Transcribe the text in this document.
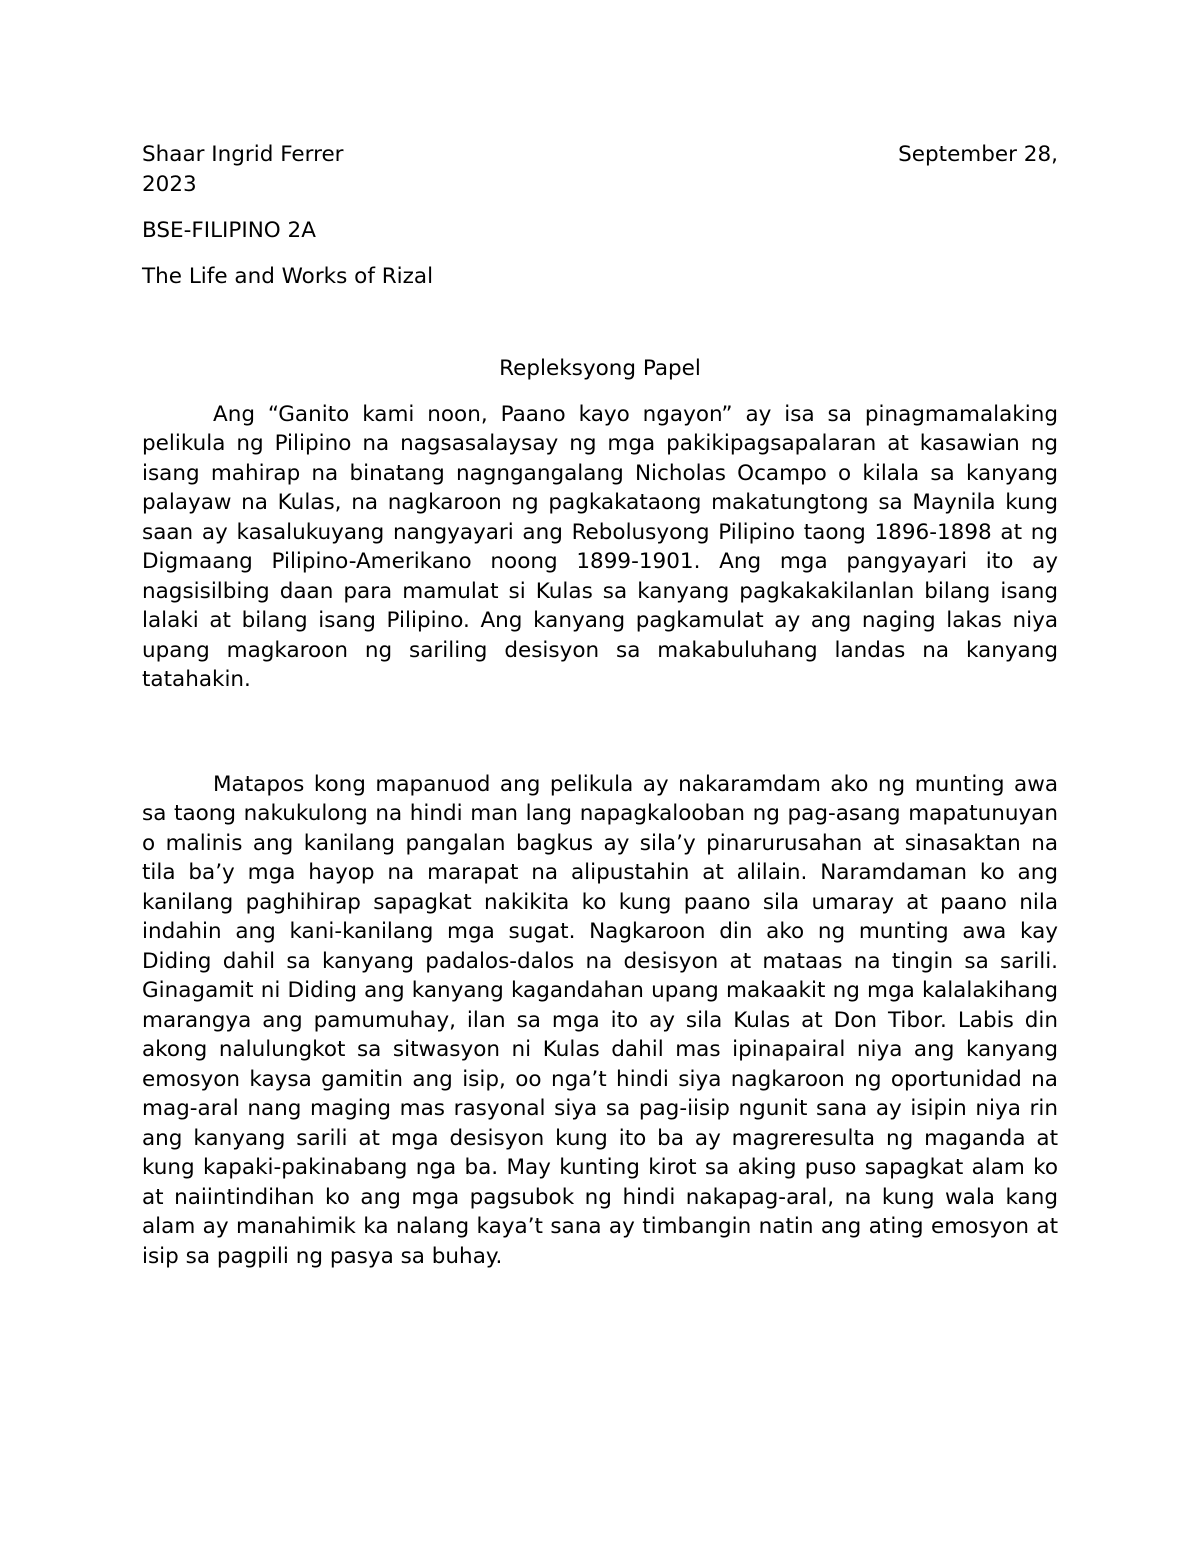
Shaar Ingrid Ferrer	September 28,

2023

BSE-FILIPINO 2A

The Life and Works of Rizal

Repleksyong Papel

Ang “Ganito kami noon, Paano kayo ngayon” ay isa sa pinagmamalaking pelikula ng Pilipino na nagsasalaysay ng mga pakikipagsapalaran at kasawian ng isang mahirap na binatang nagngangalang Nicholas Ocampo o kilala sa kanyang palayaw na Kulas, na nagkaroon ng pagkakataong makatungtong sa Maynila kung saan ay kasalukuyang nangyayari ang Rebolusyong Pilipino taong 1896-1898 at ng Digmaang Pilipino-Amerikano noong 1899-1901. Ang mga pangyayari ito ay nagsisilbing daan para mamulat si Kulas sa kanyang pagkakakilanlan bilang isang lalaki at bilang isang Pilipino. Ang kanyang pagkamulat ay ang naging lakas niya upang magkaroon ng sariling desisyon sa makabuluhang landas na kanyang tatahakin.

Matapos kong mapanuod ang pelikula ay nakaramdam ako ng munting awa sa taong nakukulong na hindi man lang napagkalooban ng pag-asang mapatunuyan o malinis ang kanilang pangalan bagkus ay sila’y pinarurusahan at sinasaktan na tila ba’y mga hayop na marapat na alipustahin at alilain. Naramdaman ko ang kanilang paghihirap sapagkat nakikita ko kung paano sila umaray at paano nila indahin ang kani-kanilang mga sugat. Nagkaroon din ako ng munting awa kay Diding dahil sa kanyang padalos-dalos na desisyon at mataas na tingin sa sarili. Ginagamit ni Diding ang kanyang kagandahan upang makaakit ng mga kalalakihang marangya ang pamumuhay, ilan sa mga ito ay sila Kulas at Don Tibor. Labis din akong nalulungkot sa sitwasyon ni Kulas dahil mas ipinapairal niya ang kanyang emosyon kaysa gamitin ang isip, oo nga’t hindi siya nagkaroon ng oportunidad na mag-aral nang maging mas rasyonal siya sa pag-iisip ngunit sana ay isipin niya rin ang kanyang sarili at mga desisyon kung ito ba ay magreresulta ng maganda at kung kapaki-pakinabang nga ba. May kunting kirot sa aking puso sapagkat alam ko at naiintindihan ko ang mga pagsubok ng hindi nakapag-aral, na kung wala kang alam ay manahimik ka nalang kaya’t sana ay timbangin natin ang ating emosyon at isip sa pagpili ng pasya sa buhay.
